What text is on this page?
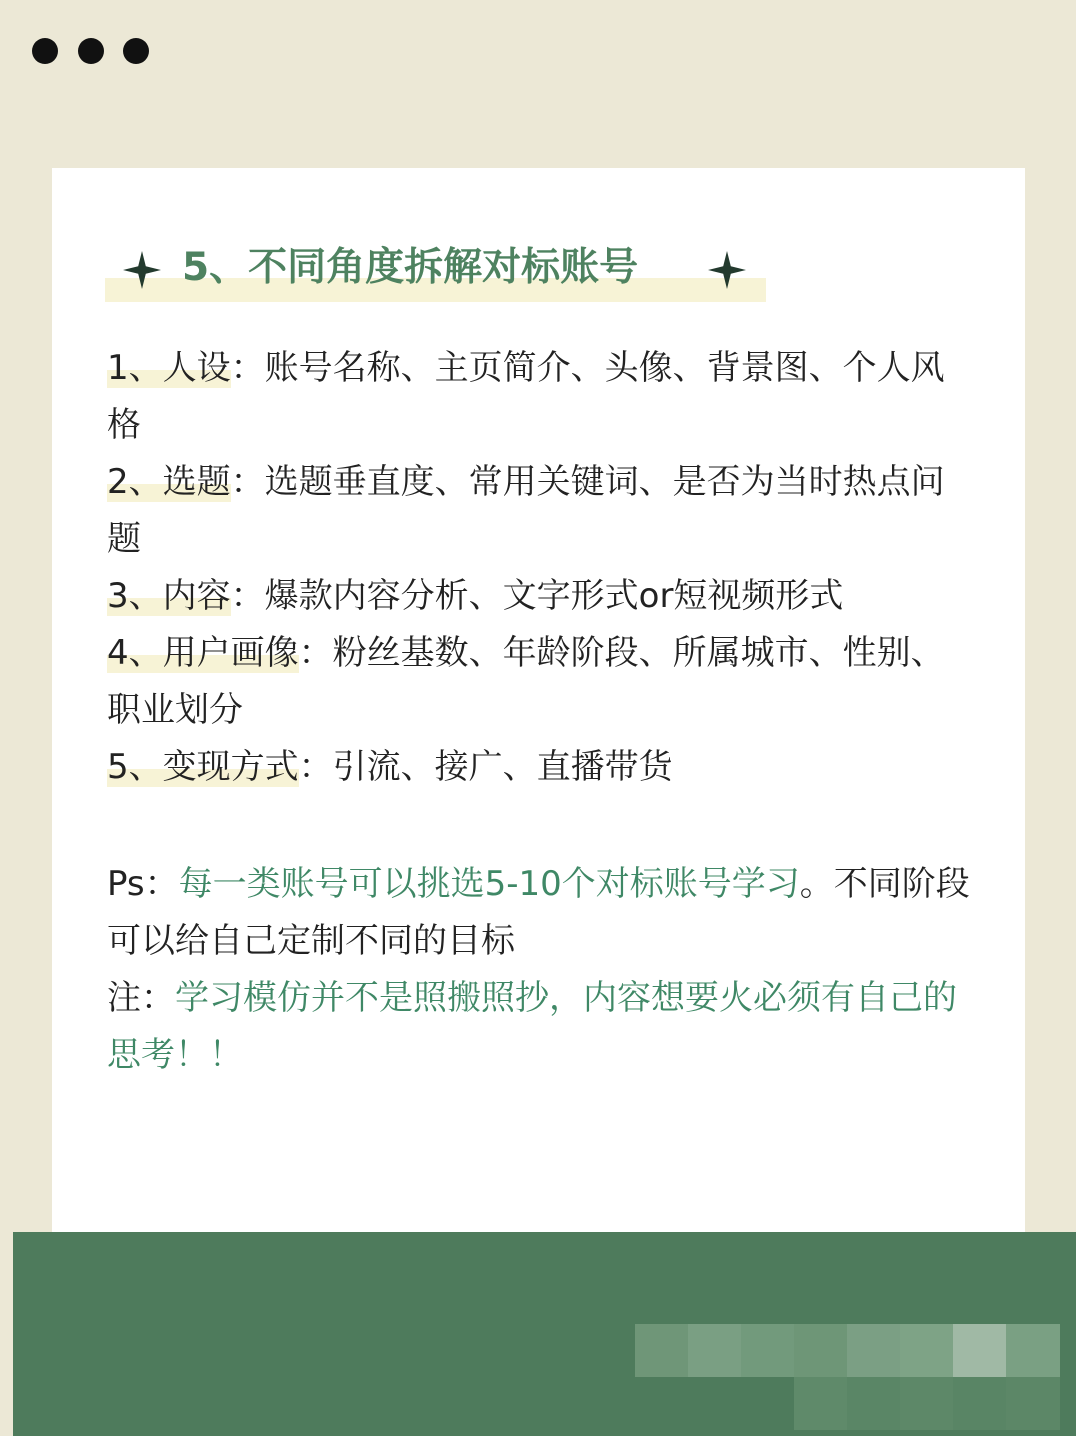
5、不同角度拆解对标账号

1、人设：账号名称、主页简介、头像、背景图、个人风格

2、选题：选题垂直度、常用关键词、是否为当时热点问题

3、内容：爆款内容分析、文字形式or短视频形式

4、用户画像：粉丝基数、年龄阶段、所属城市、性别、职业划分

5、变现方式：引流、接广、直播带货

Ps：每一类账号可以挑选5-10个对标账号学习。不同阶段可以给自己定制不同的目标

注：学习模仿并不是照搬照抄，内容想要火必须有自己的思考！！
